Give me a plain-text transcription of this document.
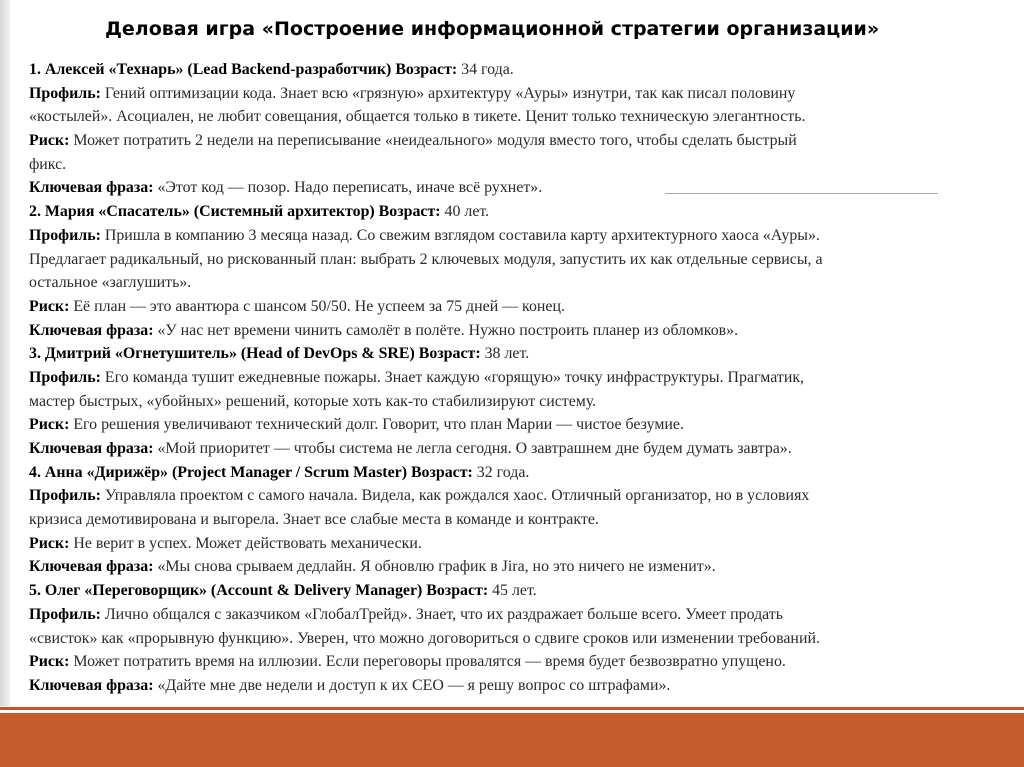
Деловая игра «Построение информационной стратегии организации»
1. Алексей «Технарь» (Lead Backend-разработчик) Возраст: 34 года.
Профиль: Гений оптимизации кода. Знает всю «грязную» архитектуру «Ауры» изнутри, так как писал половину
«костылей». Асоциален, не любит совещания, общается только в тикете. Ценит только техническую элегантность.
Риск: Может потратить 2 недели на переписывание «неидеального» модуля вместо того, чтобы сделать быстрый
фикс.
Ключевая фраза: «Этот код — позор. Надо переписать, иначе всё рухнет».
2. Мария «Спасатель» (Системный архитектор) Возраст: 40 лет.
Профиль: Пришла в компанию 3 месяца назад. Со свежим взглядом составила карту архитектурного хаоса «Ауры».
Предлагает радикальный, но рискованный план: выбрать 2 ключевых модуля, запустить их как отдельные сервисы, а
остальное «заглушить».
Риск: Её план — это авантюра с шансом 50/50. Не успеем за 75 дней — конец.
Ключевая фраза: «У нас нет времени чинить самолёт в полёте. Нужно построить планер из обломков».
3. Дмитрий «Огнетушитель» (Head of DevOps & SRE) Возраст: 38 лет.
Профиль: Его команда тушит ежедневные пожары. Знает каждую «горящую» точку инфраструктуры. Прагматик,
мастер быстрых, «убойных» решений, которые хоть как-то стабилизируют систему.
Риск: Его решения увеличивают технический долг. Говорит, что план Марии — чистое безумие.
Ключевая фраза: «Мой приоритет — чтобы система не легла сегодня. О завтрашнем дне будем думать завтра».
4. Анна «Дирижёр» (Project Manager / Scrum Master) Возраст: 32 года.
Профиль: Управляла проектом с самого начала. Видела, как рождался хаос. Отличный организатор, но в условиях
кризиса демотивирована и выгорела. Знает все слабые места в команде и контракте.
Риск: Не верит в успех. Может действовать механически.
Ключевая фраза: «Мы снова срываем дедлайн. Я обновлю график в Jira, но это ничего не изменит».
5. Олег «Переговорщик» (Account & Delivery Manager) Возраст: 45 лет.
Профиль: Лично общался с заказчиком «ГлобалТрейд». Знает, что их раздражает больше всего. Умеет продать
«свисток» как «прорывную функцию». Уверен, что можно договориться о сдвиге сроков или изменении требований.
Риск: Может потратить время на иллюзии. Если переговоры провалятся — время будет безвозвратно упущено.
Ключевая фраза: «Дайте мне две недели и доступ к их CEO — я решу вопрос со штрафами».
